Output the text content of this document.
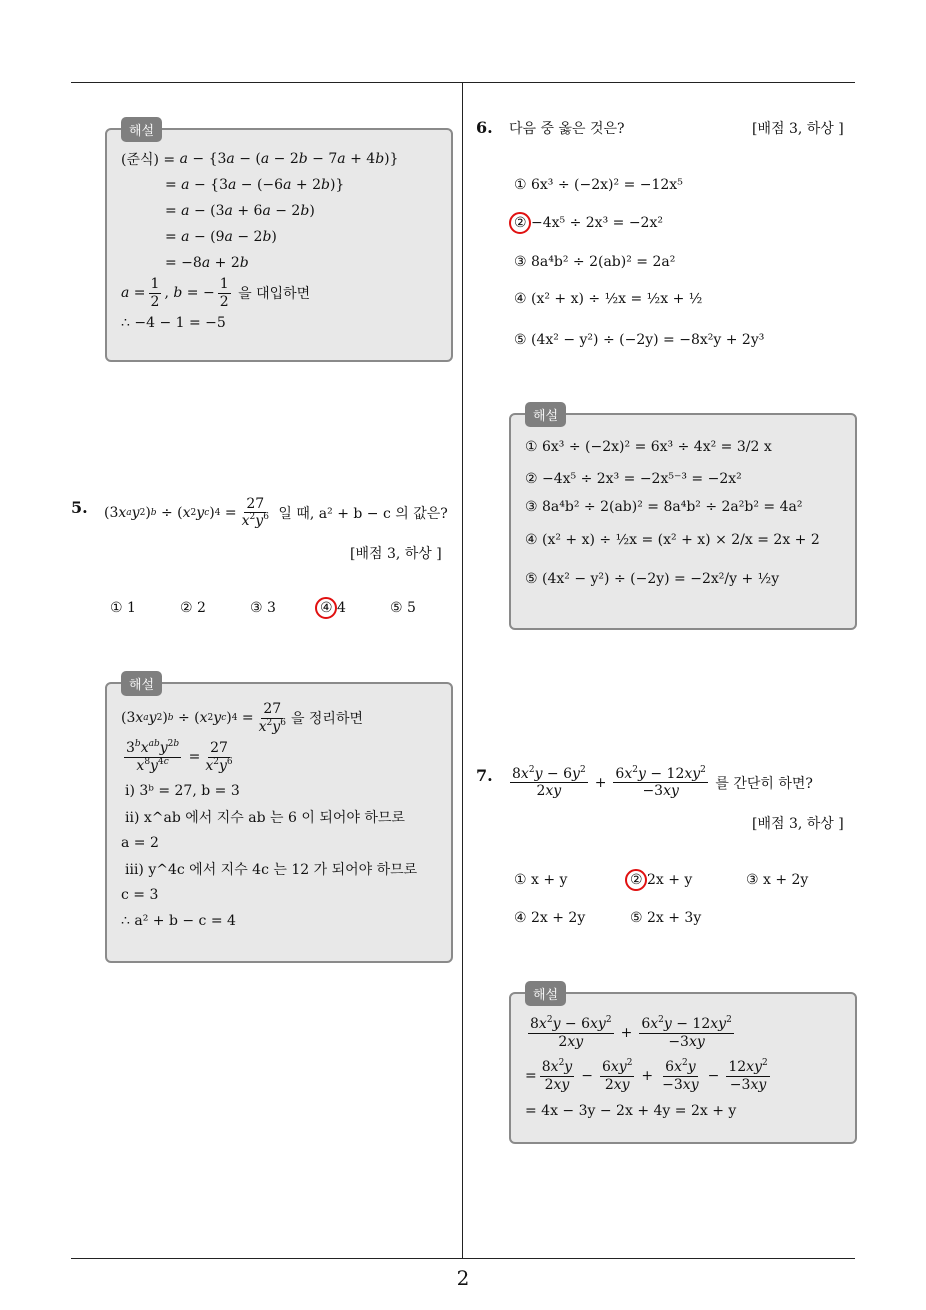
2
해설
(준식) = a − {3 a − ( a − 2 b − 7 a + 4 b )}
= a − {3 a − (−6 a + 2 b )}
= a − (3 a + 6 a − 2 b )
= a − (9 a − 2 b )
= −8 a + 2 b
$a = \frac{1}{2}$ , b = − $\frac{1}{2}$
을 대입하면
∴ −4 − 1 = −5
5. (3 x a y 2 ) b ÷ ( x 2 y c ) $4 = \frac{27}{x^2y^6}$
일 때, a² + b − c 의 값은?
[배점 3, 하상 ]
① 1	② 2	③ 3	④ 4	⑤ 5
해설
(3 x a y 2 ) b ÷ ( x 2 y c ) $4 = \frac{27}{x^2y^6}$ 을 정리하면
$\frac{3^bx^{ab}y^{2b}}{x^8y^{4c}} = \frac{27}{x^2y^6}$
ⅰ) 3ᵇ = 27, b = 3
ⅱ) x^ab 에서 지수 ab 는 6 이 되어야 하므로
a = 2
ⅲ) y^4c 에서 지수 4c 는 12 가 되어야 하므로
c = 3
∴ a² + b − c = 4
6. 다음 중 옳은 것은?	[배점 3, 하상 ]
① 6x³ ÷ (−2x)² = −12x⁵
② −4x⁵ ÷ 2x³ = −2x²
③ 8a⁴b² ÷ 2(ab)² = 2a²
④ (x² + x) ÷ ½x = ½x + ½
⑤ (4x² − y²) ÷ (−2y) = −8x²y + 2y³
해설
① 6x³ ÷ (−2x)² = 6x³ ÷ 4x² = 3/2 x
② −4x⁵ ÷ 2x³ = −2x⁵⁻³ = −2x²
③ 8a⁴b² ÷ 2(ab)² = 8a⁴b² ÷ 2a²b² = 4a²
④ (x² + x) ÷ ½x = (x² + x) × 2/x = 2x + 2
⑤ (4x² − y²) ÷ (−2y) = −2x²/y + ½y
7. $\frac{8x^2y - 6y^2}{2xy} + \frac{6x^2y - 12xy^2}{-3xy}$
를 간단히 하면?
[배점 3, 하상 ]
① x + y	② 2x + y	③ x + 2y
④ 2x + 2y	⑤ 2x + 3y
해설
$\frac{8x^2y - 6xy^2}{2xy} + \frac{6x^2y - 12xy^2}{-3xy}$
= $\frac{8x^2y}{2xy} - \frac{6xy^2}{2xy} + \frac{6x^2y}{-3xy} - \frac{12xy^2}{-3xy}$
= 4x − 3y − 2x + 4y = 2x + y
